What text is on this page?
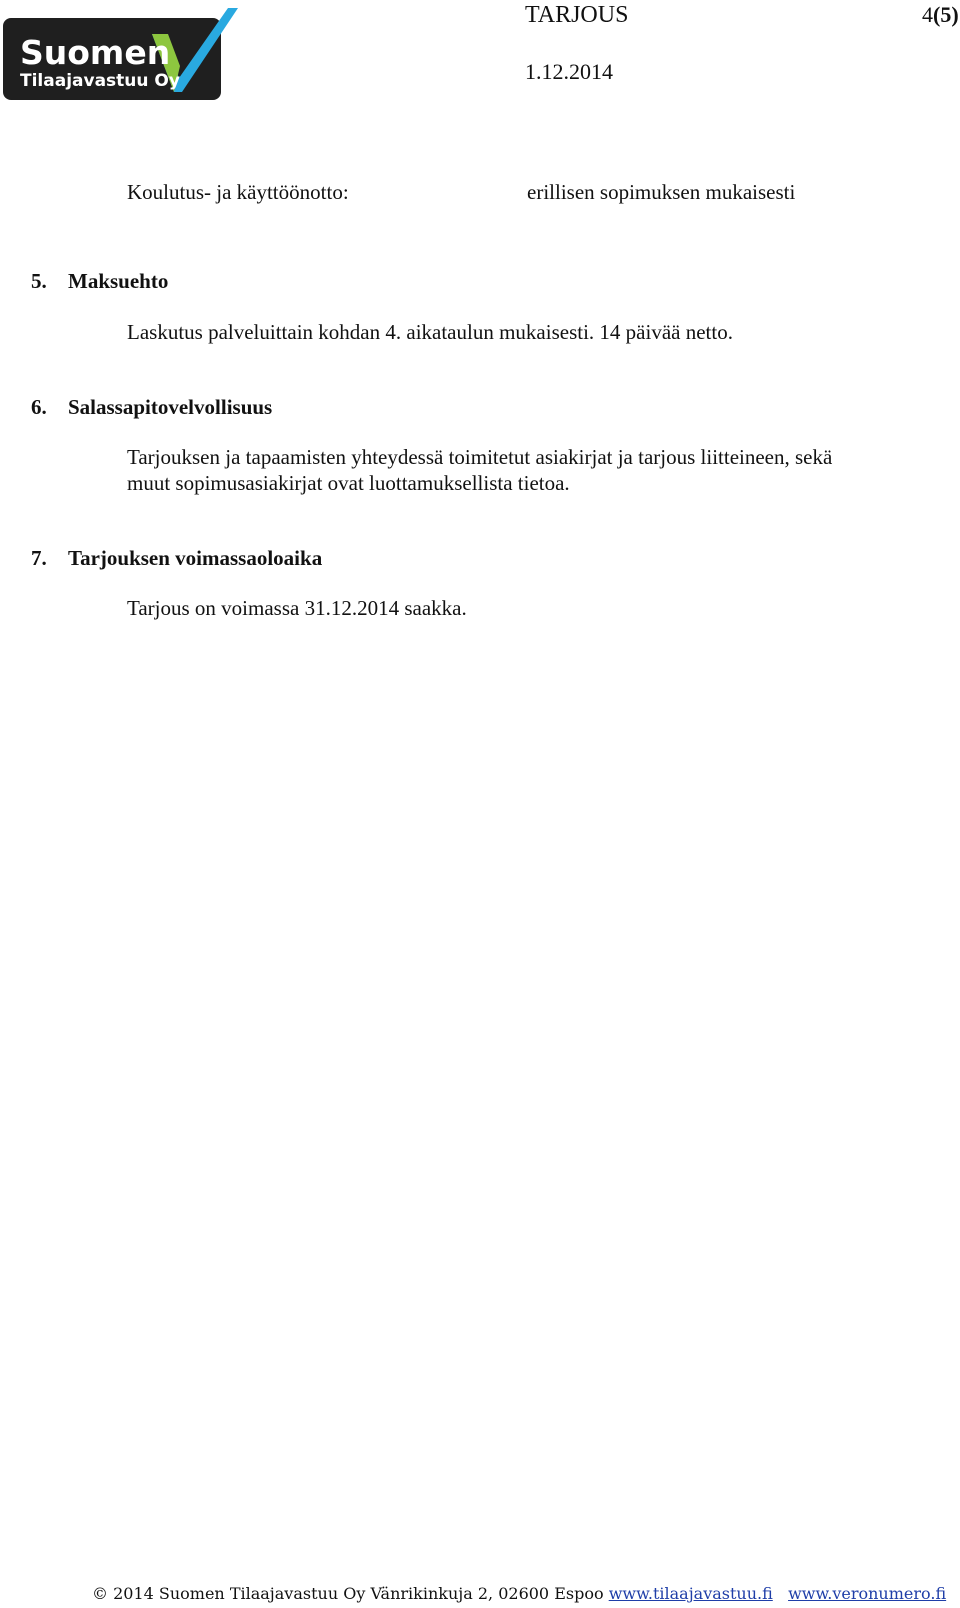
Suomen
Tilaajavastuu Oy
TARJOUS	4(5)
1.12.2014
Koulutus- ja käyttöönotto:	erillisen sopimuksen mukaisesti
5. Maksuehto
Laskutus palveluittain kohdan 4. aikataulun mukaisesti. 14 päivää netto.
6. Salassapitovelvollisuus
Tarjouksen ja tapaamisten yhteydessä toimitetut asiakirjat ja tarjous liitteineen, sekä
muut sopimusasiakirjat ovat luottamuksellista tietoa.
7. Tarjouksen voimassaoloaika
Tarjous on voimassa 31.12.2014 saakka.
© 2014 Suomen Tilaajavastuu Oy Vänrikinkuja 2, 02600 Espoo www.tilaajavastuu.fi www.veronumero.fi
